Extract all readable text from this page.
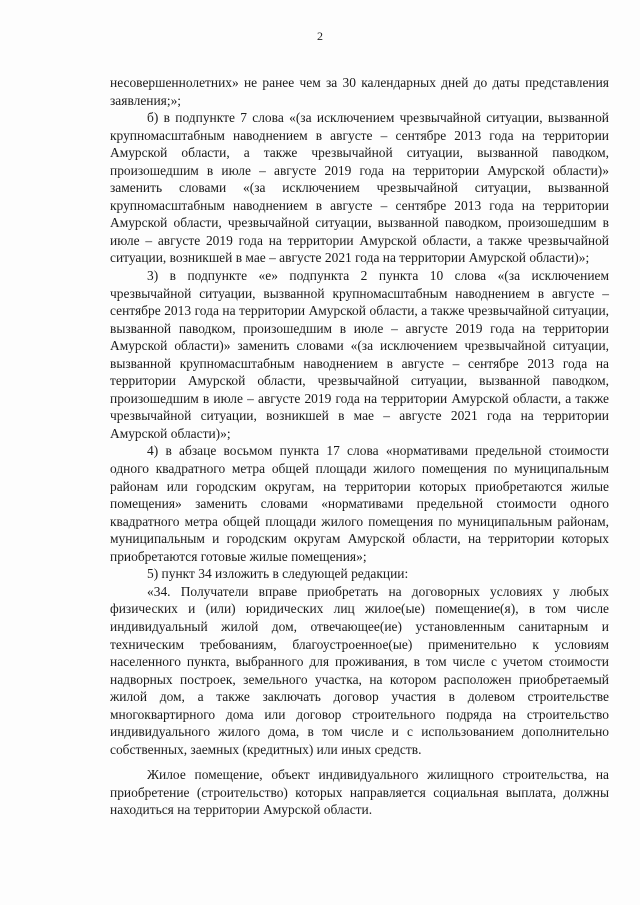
2

несовершеннолетних» не ранее чем за 30 календарных дней до даты представления заявления;»;

б) в подпункте 7 слова «(за исключением чрезвычайной ситуации, вызванной крупномасштабным наводнением в августе – сентябре 2013 года на территории Амурской области, а также чрезвычайной ситуации, вызванной паводком, произошедшим в июле – августе 2019 года на территории Амурской области)» заменить словами «(за исключением чрезвычайной ситуации, вызванной крупномасштабным наводнением в августе – сентябре 2013 года на территории Амурской области, чрезвычайной ситуации, вызванной паводком, произошедшим в июле – августе 2019 года на территории Амурской области, а также чрезвычайной ситуации, возникшей в мае – августе 2021 года на территории Амурской области)»;

3) в подпункте «е» подпункта 2 пункта 10 слова «(за исключением чрезвычайной ситуации, вызванной крупномасштабным наводнением в августе – сентябре 2013 года на территории Амурской области, а также чрезвычайной ситуации, вызванной паводком, произошедшим в июле – августе 2019 года на территории Амурской области)» заменить словами «(за исключением чрезвычайной ситуации, вызванной крупномасштабным наводнением в августе – сентябре 2013 года на территории Амурской области, чрезвычайной ситуации, вызванной паводком, произошедшим в июле – августе 2019 года на территории Амурской области, а также чрезвычайной ситуации, возникшей в мае – августе 2021 года на территории Амурской области)»;

4) в абзаце восьмом пункта 17 слова «нормативами предельной стоимости одного квадратного метра общей площади жилого помещения по муниципальным районам или городским округам, на территории которых приобретаются жилые помещения» заменить словами «нормативами предельной стоимости одного квадратного метра общей площади жилого помещения по муниципальным районам, муниципальным и городским округам Амурской области, на территории которых приобретаются готовые жилые помещения»;

5) пункт 34 изложить в следующей редакции:

«34. Получатели вправе приобретать на договорных условиях у любых физических и (или) юридических лиц жилое(ые) помещение(я), в том числе индивидуальный жилой дом, отвечающее(ие) установленным санитарным и техническим требованиям, благоустроенное(ые) применительно к условиям населенного пункта, выбранного для проживания, в том числе с учетом стоимости надворных построек, земельного участка, на котором расположен приобретаемый жилой дом, а также заключать договор участия в долевом строительстве многоквартирного дома или договор строительного подряда на строительство индивидуального жилого дома, в том числе и с использованием дополнительно собственных, заемных (кредитных) или иных средств.

Жилое помещение, объект индивидуального жилищного строительства, на приобретение (строительство) которых направляется социальная выплата, должны находиться на территории Амурской области.
